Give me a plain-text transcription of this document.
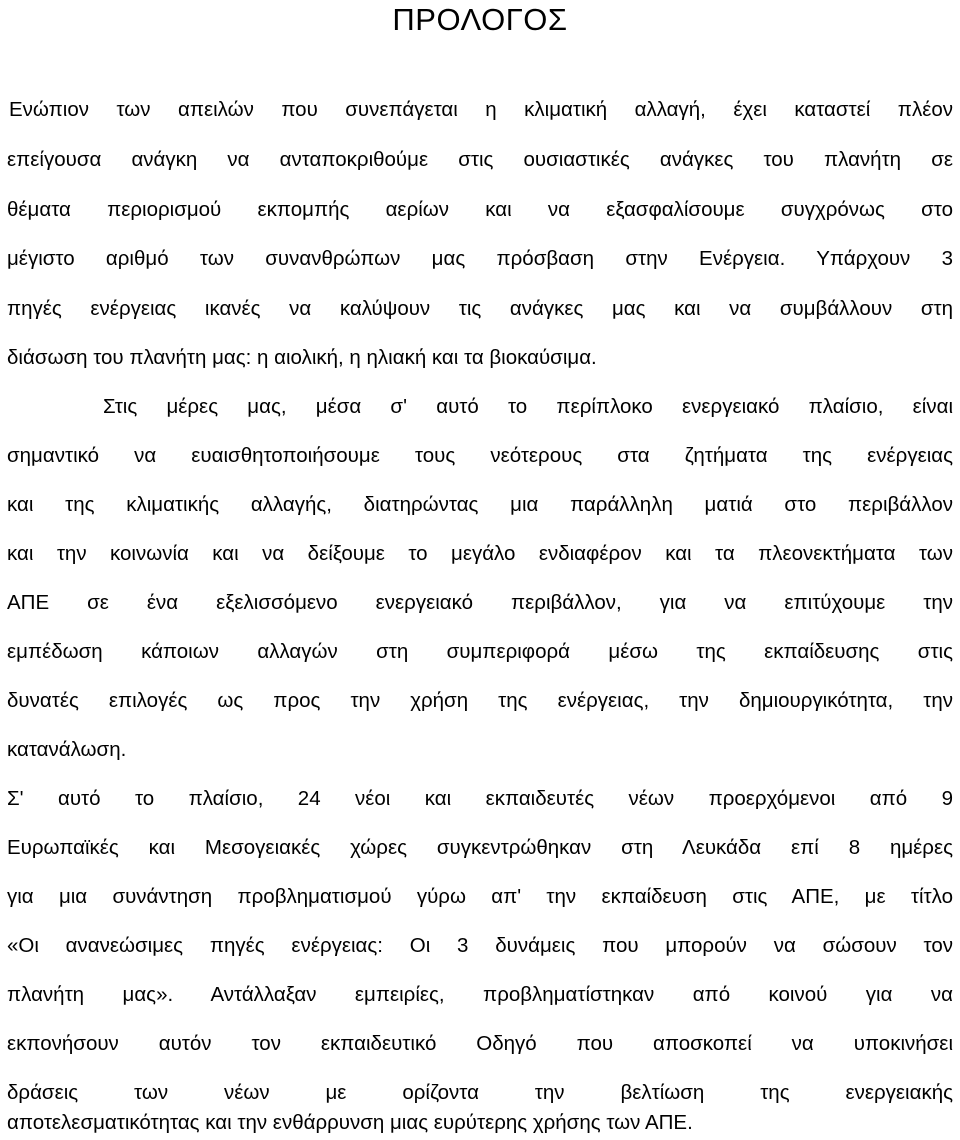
ΠΡΟΛΟΓΟΣ
Ενώπιον των απειλών που συνεπάγεται η κλιματική αλλαγή, έχει καταστεί πλέον
επείγουσα ανάγκη να ανταποκριθούμε στις ουσιαστικές ανάγκες του πλανήτη σε
θέματα περιορισμού εκπομπής αερίων και να εξασφαλίσουμε συγχρόνως στο
μέγιστο αριθμό των συνανθρώπων μας πρόσβαση στην Ενέργεια. Υπάρχουν 3
πηγές ενέργειας ικανές να καλύψουν τις ανάγκες μας και να συμβάλλουν στη
διάσωση του πλανήτη μας: η αιολική, η ηλιακή και τα βιοκαύσιμα.
Στις μέρες μας, μέσα σ' αυτό το περίπλοκο ενεργειακό πλαίσιο, είναι
σημαντικό να ευαισθητοποιήσουμε τους νεότερους στα ζητήματα της ενέργειας
και της κλιματικής αλλαγής, διατηρώντας μια παράλληλη ματιά στο περιβάλλον
και την κοινωνία και να δείξουμε το μεγάλο ενδιαφέρον και τα πλεονεκτήματα των
ΑΠΕ σε ένα εξελισσόμενο ενεργειακό περιβάλλον, για να επιτύχουμε την
εμπέδωση κάποιων αλλαγών στη συμπεριφορά μέσω της εκπαίδευσης στις
δυνατές επιλογές ως προς την χρήση της ενέργειας, την δημιουργικότητα, την
κατανάλωση.
Σ' αυτό το πλαίσιο, 24 νέοι και εκπαιδευτές νέων προερχόμενοι από 9
Ευρωπαϊκές και Μεσογειακές χώρες συγκεντρώθηκαν στη Λευκάδα επί 8 ημέρες
για μια συνάντηση προβληματισμού γύρω απ' την εκπαίδευση στις ΑΠΕ, με τίτλο
«Οι ανανεώσιμες πηγές ενέργειας: Οι 3 δυνάμεις που μπορούν να σώσουν τον
πλανήτη μας». Αντάλλαξαν εμπειρίες, προβληματίστηκαν από κοινού για να
εκπονήσουν αυτόν τον εκπαιδευτικό Οδηγό που αποσκοπεί να υποκινήσει
δράσεις των νέων με ορίζοντα την βελτίωση της ενεργειακής
αποτελεσματικότητας και την ενθάρρυνση μιας ευρύτερης χρήσης των ΑΠΕ.
